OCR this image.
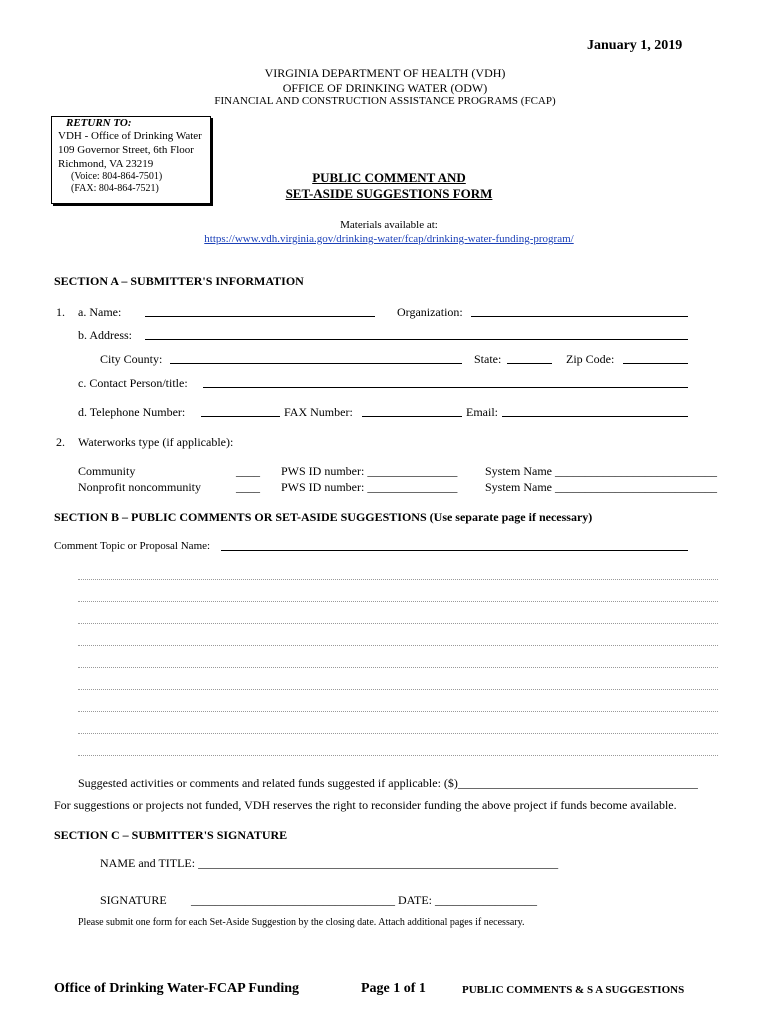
January 1, 2019
VIRGINIA DEPARTMENT OF HEALTH (VDH)
OFFICE OF DRINKING WATER (ODW)
FINANCIAL AND CONSTRUCTION ASSISTANCE PROGRAMS (FCAP)
RETURN TO:
VDH - Office of Drinking Water
109 Governor Street, 6th Floor
Richmond, VA 23219
(Voice: 804-864-7501)
(FAX: 804-864-7521)
PUBLIC COMMENT AND
SET-ASIDE SUGGESTIONS FORM
Materials available at:
https://www.vdh.virginia.gov/drinking-water/fcap/drinking-water-funding-program/
SECTION A – SUBMITTER'S INFORMATION
1. a. Name:	Organization:
b. Address:
City County:	State:	Zip Code:
c. Contact Person/title:
d. Telephone Number:	FAX Number:	Email:
2. Waterworks type (if applicable):
Community	____ PWS ID number: _______________ System Name ___________________________
Nonprofit noncommunity	____ PWS ID number: _______________ System Name ___________________________
SECTION B – PUBLIC COMMENTS OR SET-ASIDE SUGGESTIONS (Use separate page if necessary)
Comment Topic or Proposal Name:
Suggested activities or comments and related funds suggested if applicable: ($)________________________________________
For suggestions or projects not funded, VDH reserves the right to reconsider funding the above project if funds become available.
SECTION C – SUBMITTER'S SIGNATURE
NAME and TITLE: ____________________________________________________________
SIGNATURE __________________________________ DATE: _________________
Please submit one form for each Set-Aside Suggestion by the closing date. Attach additional pages if necessary.
Office of Drinking Water-FCAP Funding	Page 1 of 1	PUBLIC COMMENTS & S A SUGGESTIONS
